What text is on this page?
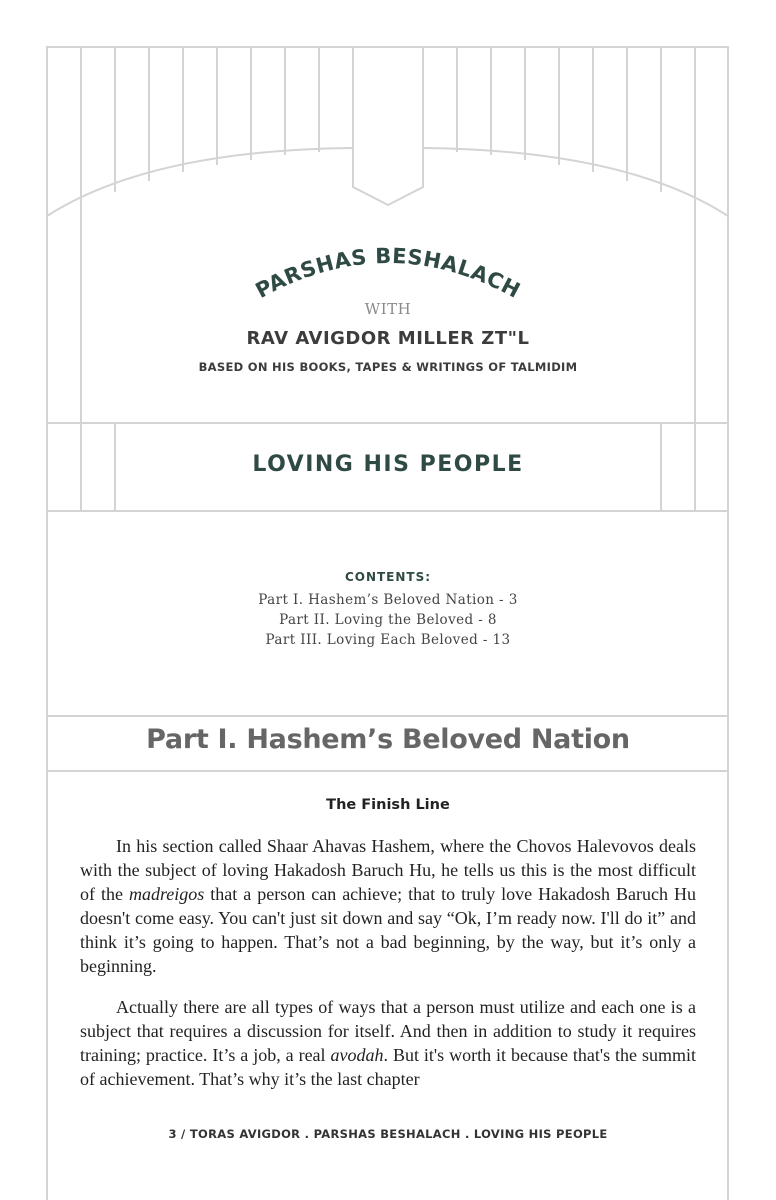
PARSHAS BESHALACH
WITH
RAV AVIGDOR MILLER ZT"L
BASED ON HIS BOOKS, TAPES & WRITINGS OF TALMIDIM
LOVING HIS PEOPLE
CONTENTS:
Part I. Hashem’s Beloved Nation - 3
Part II. Loving the Beloved - 8
Part III. Loving Each Beloved - 13
Part I. Hashem’s Beloved Nation
The Finish Line

In his section called Shaar Ahavas Hashem, where the Chovos Halevovos deals with the subject of loving Hakadosh Baruch Hu, he tells us this is the most difficult of the madreigos that a person can achieve; that to truly love Hakadosh Baruch Hu doesn't come easy. You can't just sit down and say “Ok, I’m ready now. I'll do it” and think it’s going to happen. That’s not a bad beginning, by the way, but it’s only a beginning.

Actually there are all types of ways that a person must utilize and each one is a subject that requires a discussion for itself. And then in addition to study it requires training; practice. It’s a job, a real avodah. But it's worth it because that's the summit of achievement. That’s why it’s the last chapter

3 / TORAS AVIGDOR . PARSHAS BESHALACH . LOVING HIS PEOPLE
